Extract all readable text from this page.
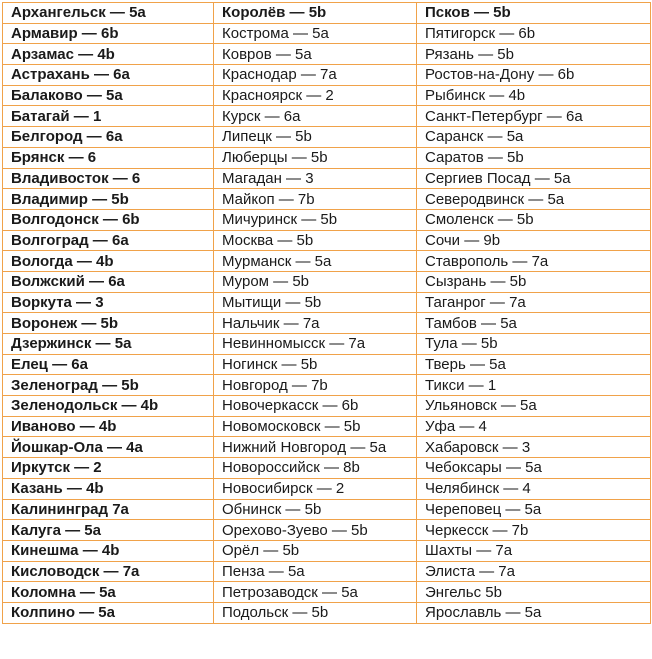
Архангельск — 5a	Королёв — 5b	Псков — 5b
Армавир — 6b	Кострома — 5a	Пятигорск — 6b
Арзамас — 4b	Ковров — 5a	Рязань — 5b
Астрахань — 6a	Краснодар — 7a	Ростов-на-Дону — 6b
Балаково — 5a	Красноярск — 2	Рыбинск — 4b
Батагай — 1	Курск — 6a	Санкт-Петербург — 6a
Белгород — 6a	Липецк — 5b	Саранск — 5a
Брянск — 6	Люберцы — 5b	Саратов — 5b
Владивосток — 6	Магадан — 3	Сергиев Посад — 5a
Владимир — 5b	Майкоп — 7b	Северодвинск — 5a
Волгодонск — 6b	Мичуринск — 5b	Смоленск — 5b
Волгоград — 6a	Москва — 5b	Сочи — 9b
Вологда — 4b	Мурманск — 5a	Ставрополь — 7a
Волжский — 6a	Муром — 5b	Сызрань — 5b
Воркута — 3	Мытищи — 5b	Таганрог — 7a
Воронеж — 5b	Нальчик — 7a	Тамбов — 5a
Дзержинск — 5a	Невинномысск — 7a	Тула — 5b
Елец — 6a	Ногинск — 5b	Тверь — 5a
Зеленоград — 5b	Новгород — 7b	Тикси — 1
Зеленодольск — 4b	Новочеркасск — 6b	Ульяновск — 5a
Иваново — 4b	Новомосковск — 5b	Уфа — 4
Йошкар-Ола — 4a	Нижний Новгород — 5a	Хабаровск — 3
Иркутск — 2	Новороссийск — 8b	Чебоксары — 5a
Казань — 4b	Новосибирск — 2	Челябинск — 4
Калининград 7a	Обнинск — 5b	Череповец — 5a
Калуга — 5a	Орехово-Зуево — 5b	Черкесск — 7b
Кинешма — 4b	Орёл — 5b	Шахты — 7a
Кисловодск — 7a	Пенза — 5a	Элиста — 7a
Коломна — 5a	Петрозаводск — 5a	Энгельс 5b
Колпино — 5a	Подольск — 5b	Ярославль — 5a
